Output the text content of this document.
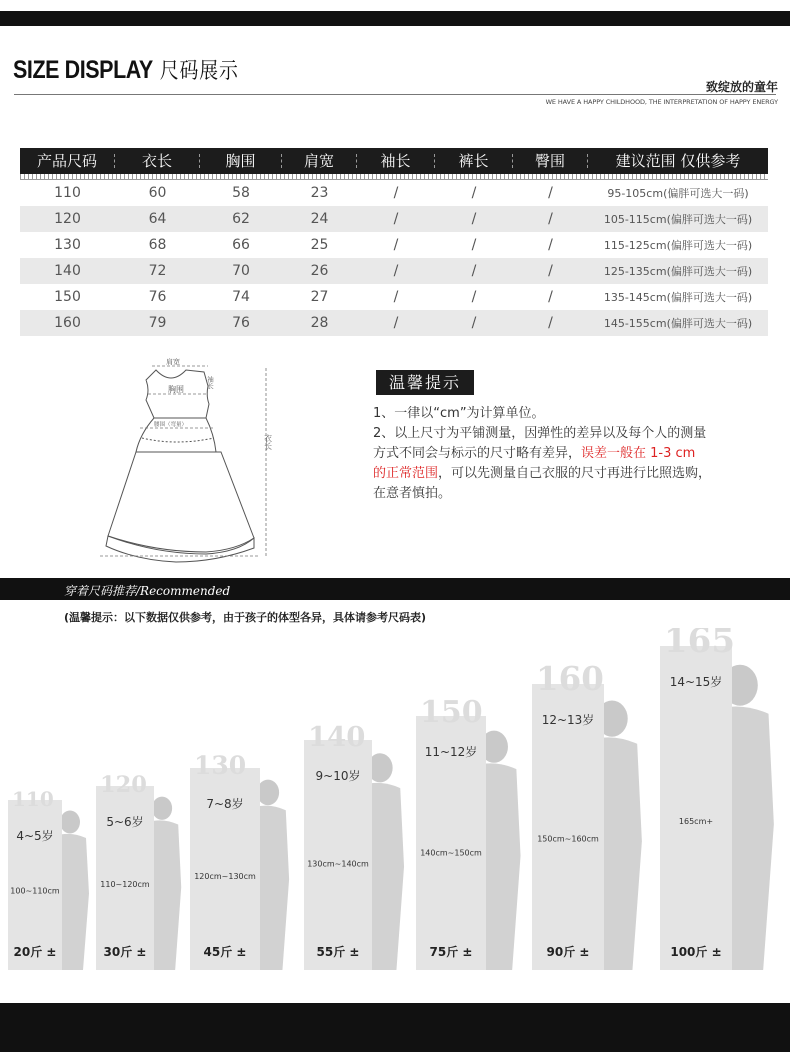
SIZE DISPLAY 尺码展示
致绽放的童年
WE HAVE A HAPPY CHILDHOOD, THE INTERPRETATION OF HAPPY ENERGY
产品尺码	衣长	胸围	肩宽	袖长	裤长	臀围	建议范围 仅供参考
110	60	58	23	/	/	/	95-105cm(偏胖可选大一码)
120	64	62	24	/	/	/	105-115cm(偏胖可选大一码)
130	68	66	25	/	/	/	115-125cm(偏胖可选大一码)
140	72	70	26	/	/	/	125-135cm(偏胖可选大一码)
150	76	74	27	/	/	/	135-145cm(偏胖可选大一码)
160	79	76	28	/	/	/	145-155cm(偏胖可选大一码)
肩宽
胸围
腰围（弯量）
袖长
衣长
温馨提示
1、一律以“cm”为计算单位。
2、以上尺寸为平铺测量，因弹性的差异以及每个人的测量
方式不同会与标示的尺寸略有差异，误差一般在 1-3 cm
的正常范围，可以先测量自己衣服的尺寸再进行比照选购，
在意者慎拍。
穿着尺码推荐/Recommended
(温馨提示：以下数据仅供参考，由于孩子的体型各异，具体请参考尺码表)
110
4~5岁
100~110cm
20斤 ±
120
5~6岁
110~120cm
30斤 ±
130
7~8岁
120cm~130cm
45斤 ±
140
9~10岁
130cm~140cm
55斤 ±
150
11~12岁
140cm~150cm
75斤 ±
160
12~13岁
150cm~160cm
90斤 ±
165
14~15岁
165cm+
100斤 ±
